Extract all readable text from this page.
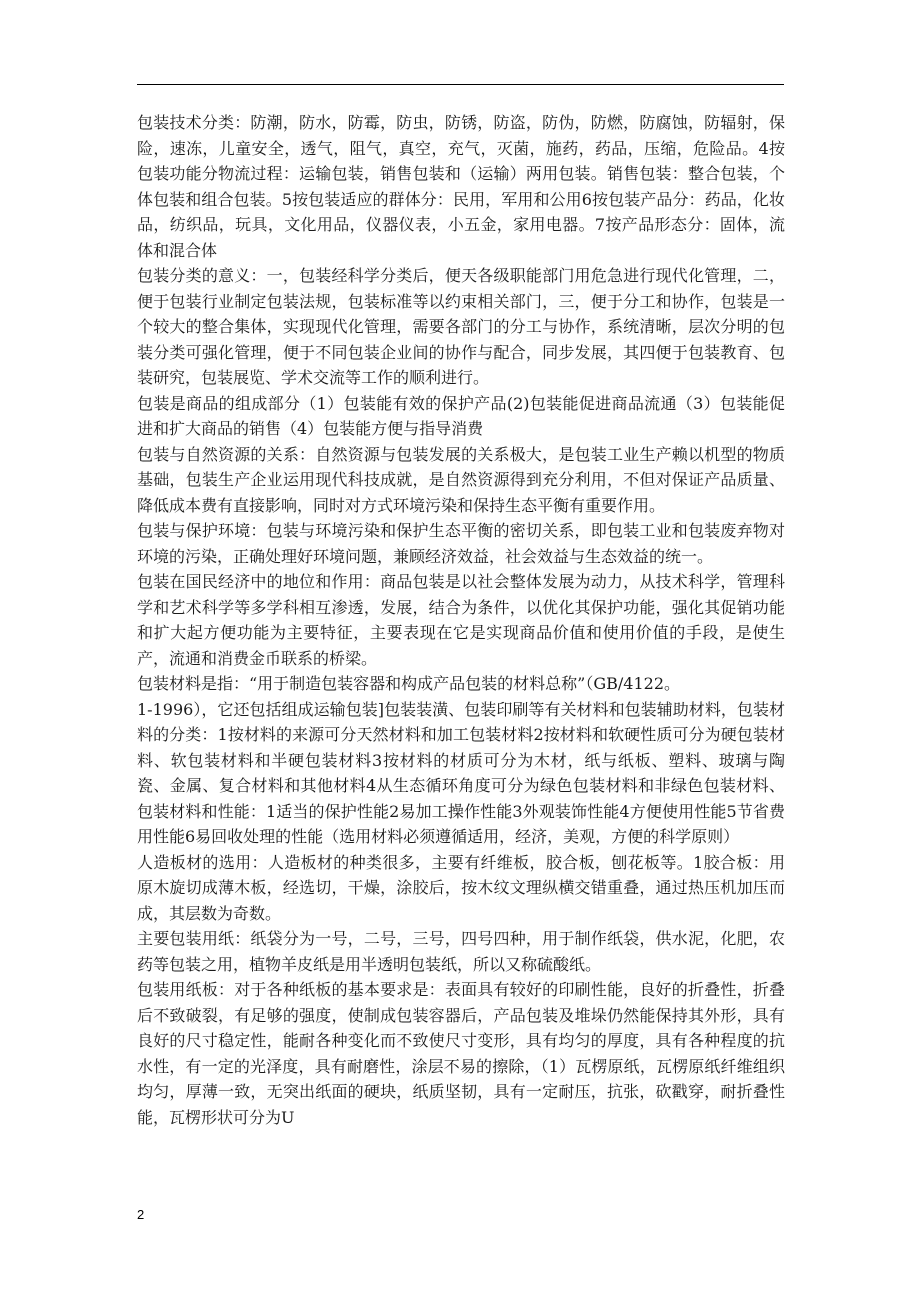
包装技术分类：防潮，防水，防霉，防虫，防锈，防盗，防伪，防燃，防腐蚀，防辐射，保险，速冻，儿童安全，透气，阻气，真空，充气，灭菌，施药，药品，压缩，危险品。4按包装功能分物流过程：运输包装，销售包装和（运输）两用包装。销售包装：整合包装，个体包装和组合包装。5按包装适应的群体分：民用，军用和公用6按包装产品分：药品，化妆品，纺织品，玩具，文化用品，仪器仪表，小五金，家用电器。7按产品形态分：固体，流体和混合体

包装分类的意义：一，包装经科学分类后，便天各级职能部门用危急进行现代化管理，二，便于包装行业制定包装法规，包装标准等以约束相关部门，三，便于分工和协作，包装是一个较大的整合集体，实现现代化管理，需要各部门的分工与协作，系统清晰，层次分明的包装分类可强化管理，便于不同包装企业间的协作与配合，同步发展，其四便于包装教育、包装研究，包装展览、学术交流等工作的顺利进行。

包装是商品的组成部分（1）包装能有效的保护产品(2)包装能促进商品流通（3）包装能促进和扩大商品的销售（4）包装能方便与指导消费

包装与自然资源的关系：自然资源与包装发展的关系极大，是包装工业生产赖以机型的物质基础，包装生产企业运用现代科技成就，是自然资源得到充分利用，不但对保证产品质量、降低成本费有直接影响，同时对方式环境污染和保持生态平衡有重要作用。

包装与保护环境：包装与环境污染和保护生态平衡的密切关系，即包装工业和包装废弃物对环境的污染，正确处理好环境问题，兼顾经济效益，社会效益与生态效益的统一。

包装在国民经济中的地位和作用：商品包装是以社会整体发展为动力，从技术科学，管理科学和艺术科学等多学科相互渗透，发展，结合为条件，以优化其保护功能，强化其促销功能和扩大起方便功能为主要特征，主要表现在它是实现商品价值和使用价值的手段，是使生产，流通和消费金币联系的桥梁。

包装材料是指：“用于制造包装容器和构成产品包装的材料总称”（GB/4122。

1-1996），它还包括组成运输包装]包装装潢、包装印刷等有关材料和包装辅助材料，包装材料的分类：1按材料的来源可分天然材料和加工包装材料2按材料和软硬性质可分为硬包装材料、软包装材料和半硬包装材料3按材料的材质可分为木材，纸与纸板、塑料、玻璃与陶瓷、金属、复合材料和其他材料4从生态循环角度可分为绿色包装材料和非绿色包装材料、包装材料和性能：1适当的保护性能2易加工操作性能3外观装饰性能4方便使用性能5节省费用性能6易回收处理的性能（选用材料必须遵循适用，经济，美观，方便的科学原则）

人造板材的选用：人造板材的种类很多，主要有纤维板，胶合板，刨花板等。1胶合板：用原木旋切成薄木板，经选切，干燥，涂胶后，按木纹文理纵横交错重叠，通过热压机加压而成，其层数为奇数。

主要包装用纸：纸袋分为一号，二号，三号，四号四种，用于制作纸袋，供水泥，化肥，农药等包装之用，植物羊皮纸是用半透明包装纸，所以又称硫酸纸。

包装用纸板：对于各种纸板的基本要求是：表面具有较好的印刷性能，良好的折叠性，折叠后不致破裂，有足够的强度，使制成包装容器后，产品包装及堆垛仍然能保持其外形，具有良好的尺寸稳定性，能耐各种变化而不致使尺寸变形，具有均匀的厚度，具有各种程度的抗水性，有一定的光泽度，具有耐磨性，涂层不易的擦除，（1）瓦楞原纸，瓦楞原纸纤维组织均匀，厚薄一致，无突出纸面的硬块，纸质坚韧，具有一定耐压，抗张，砍戳穿，耐折叠性能，瓦楞形状可分为U

2
